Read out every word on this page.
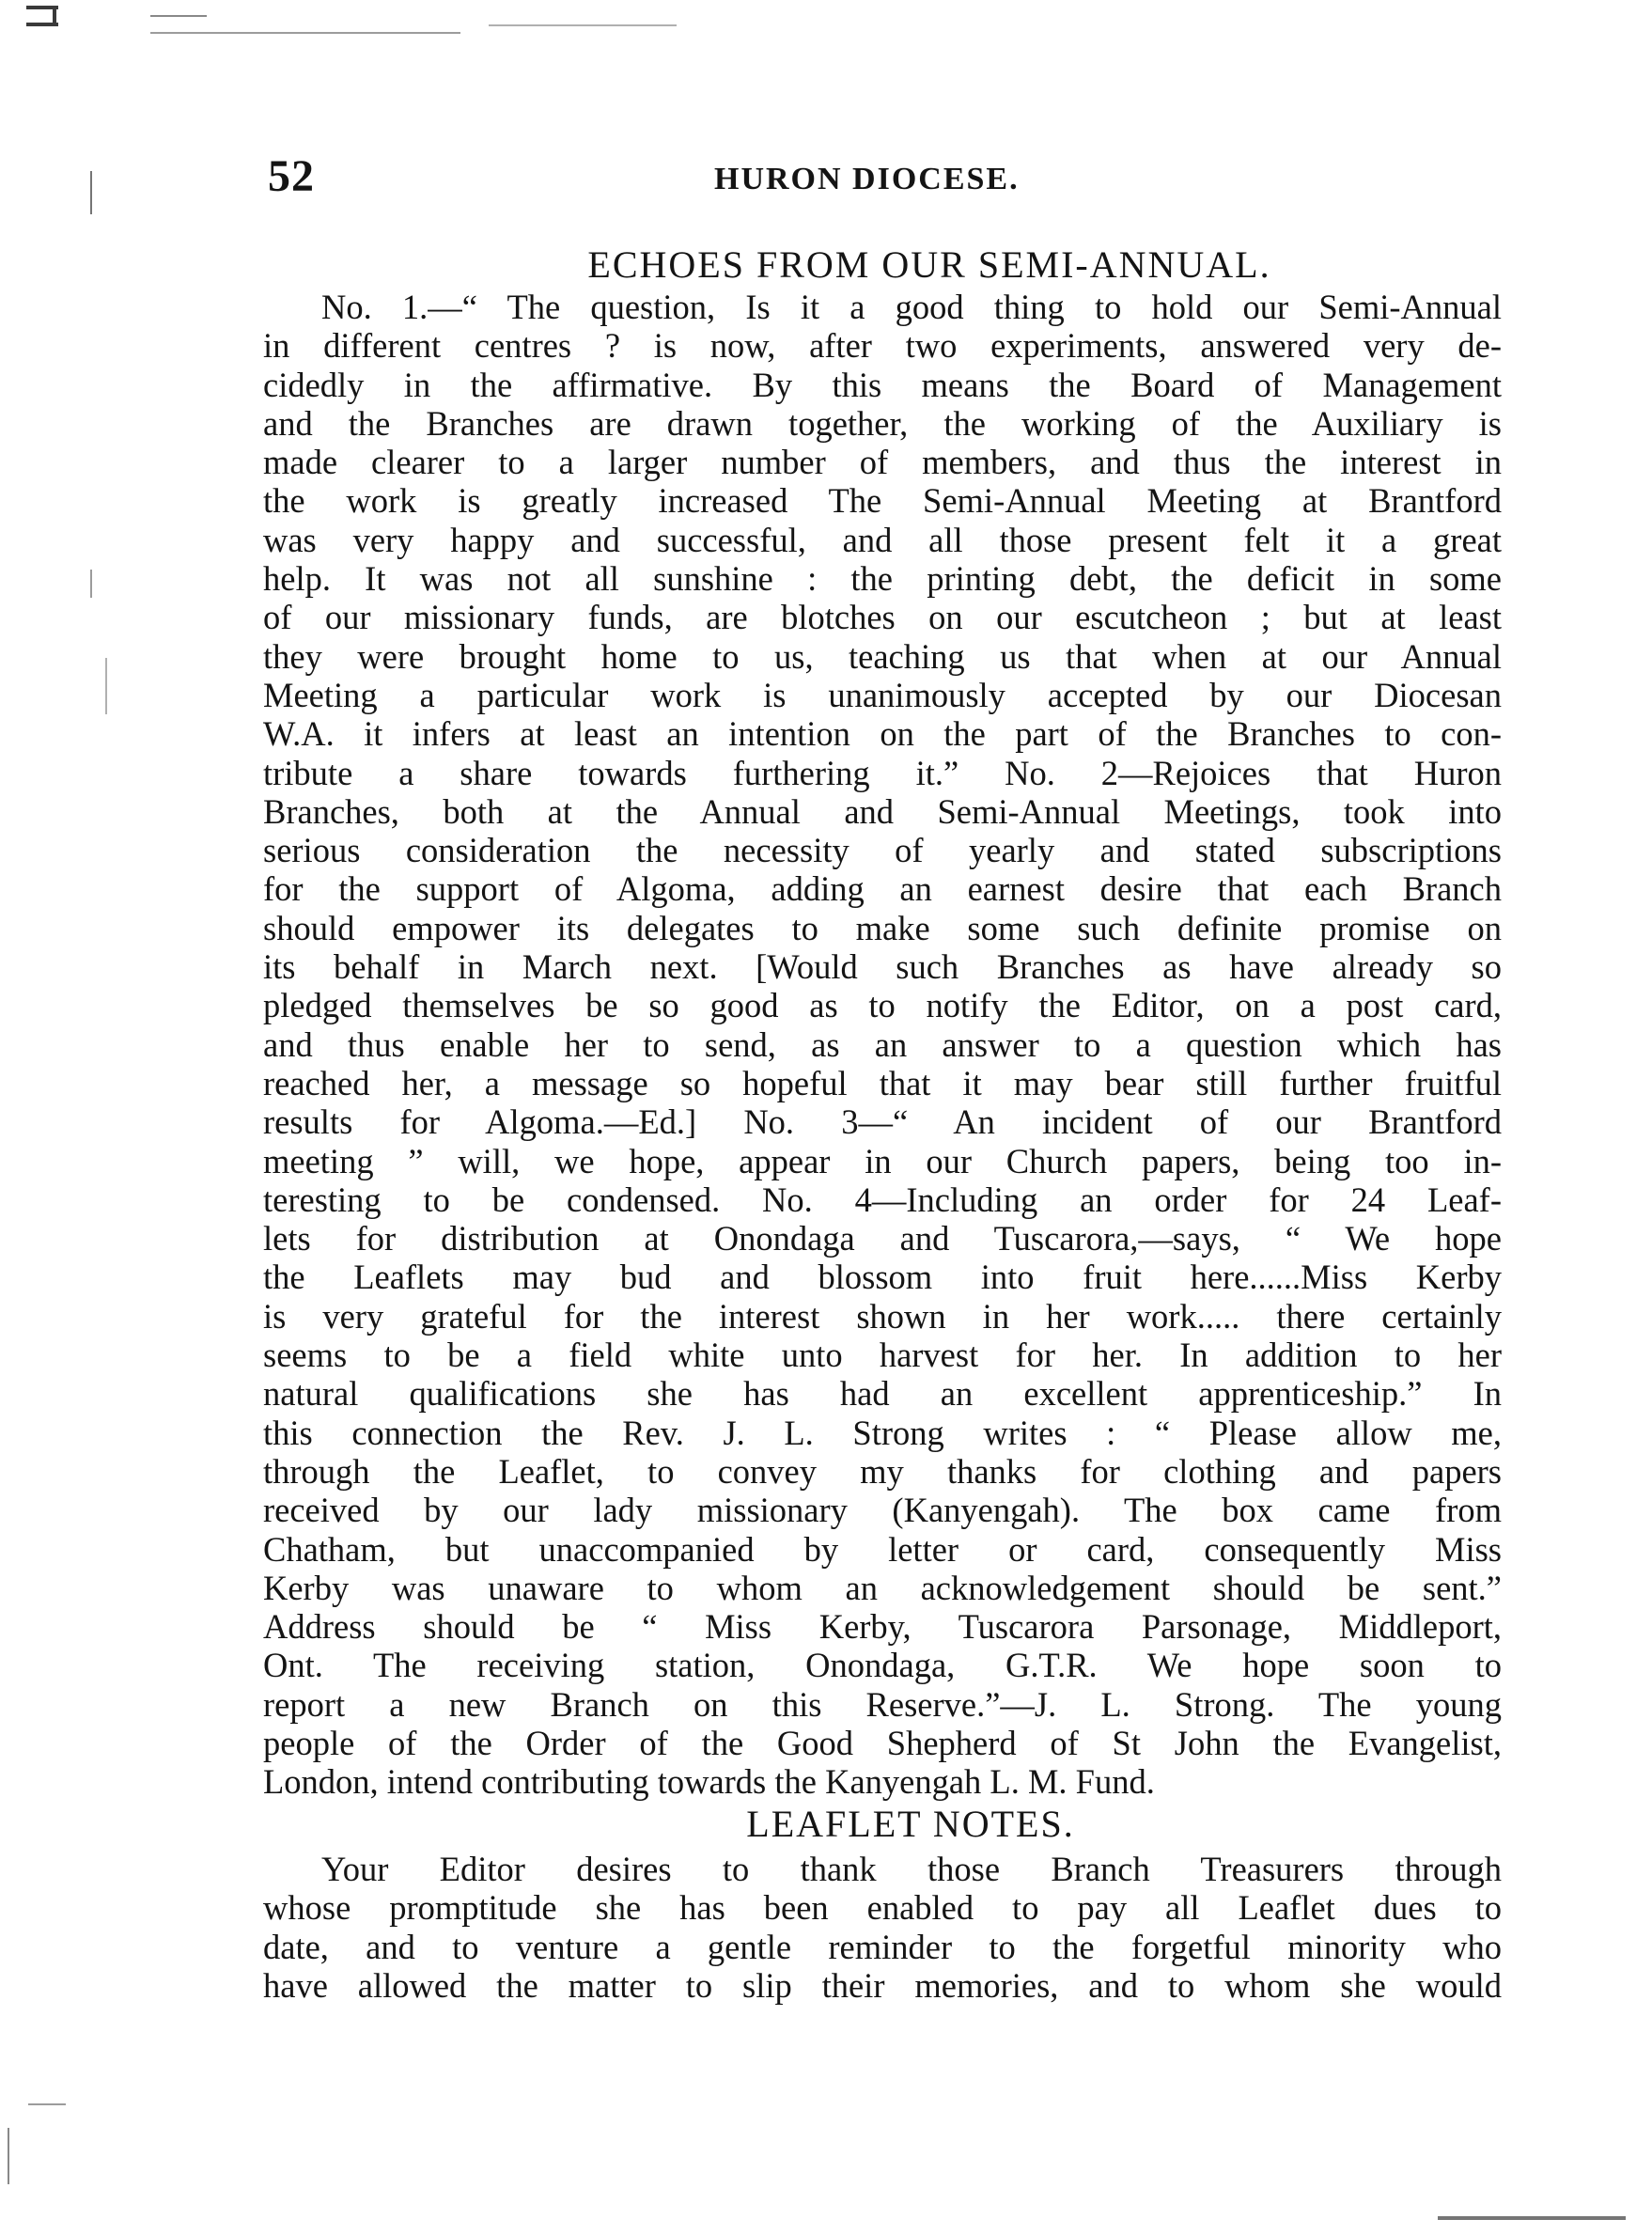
52	HURON DIOCESE.
ECHOES FROM OUR SEMI-ANNUAL.
No. 1.—“ The question, Is it a good thing to hold our Semi-Annual
in different centres ? is now, after two experiments, answered very de-
cidedly in the affirmative. By this means the Board of Management
and the Branches are drawn together, the working of the Auxiliary is
made clearer to a larger number of members, and thus the interest in
the work is greatly increased The Semi-Annual Meeting at Brantford
was very happy and successful, and all those present felt it a great
help. It was not all sunshine : the printing debt, the deficit in some
of our missionary funds, are blotches on our escutcheon ; but at least
they were brought home to us, teaching us that when at our Annual
Meeting a particular work is unanimously accepted by our Diocesan
W.A. it infers at least an intention on the part of the Branches to con-
tribute a share towards furthering it.” No. 2—Rejoices that Huron
Branches, both at the Annual and Semi-Annual Meetings, took into
serious consideration the necessity of yearly and stated subscriptions
for the support of Algoma, adding an earnest desire that each Branch
should empower its delegates to make some such definite promise on
its behalf in March next. [Would such Branches as have already so
pledged themselves be so good as to notify the Editor, on a post card,
and thus enable her to send, as an answer to a question which has
reached her, a message so hopeful that it may bear still further fruitful
results for Algoma.—Ed.] No. 3—“ An incident of our Brantford
meeting ” will, we hope, appear in our Church papers, being too in-
teresting to be condensed. No. 4—Including an order for 24 Leaf-
lets for distribution at Onondaga and Tuscarora,—says, “ We hope
the Leaflets may bud and blossom into fruit here......Miss Kerby
is very grateful for the interest shown in her work..... there certainly
seems to be a field white unto harvest for her. In addition to her
natural qualifications she has had an excellent apprenticeship.” In
this connection the Rev. J. L. Strong writes : “ Please allow me,
through the Leaflet, to convey my thanks for clothing and papers
received by our lady missionary (Kanyengah). The box came from
Chatham, but unaccompanied by letter or card, consequently Miss
Kerby was unaware to whom an acknowledgement should be sent.”
Address should be “ Miss Kerby, Tuscarora Parsonage, Middleport,
Ont. The receiving station, Onondaga, G.T.R. We hope soon to
report a new Branch on this Reserve.”—J. L. Strong. The young
people of the Order of the Good Shepherd of St John the Evangelist,
London, intend contributing towards the Kanyengah L. M. Fund.
LEAFLET NOTES.
Your Editor desires to thank those Branch Treasurers through
whose promptitude she has been enabled to pay all Leaflet dues to
date, and to venture a gentle reminder to the forgetful minority who
have allowed the matter to slip their memories, and to whom she would
